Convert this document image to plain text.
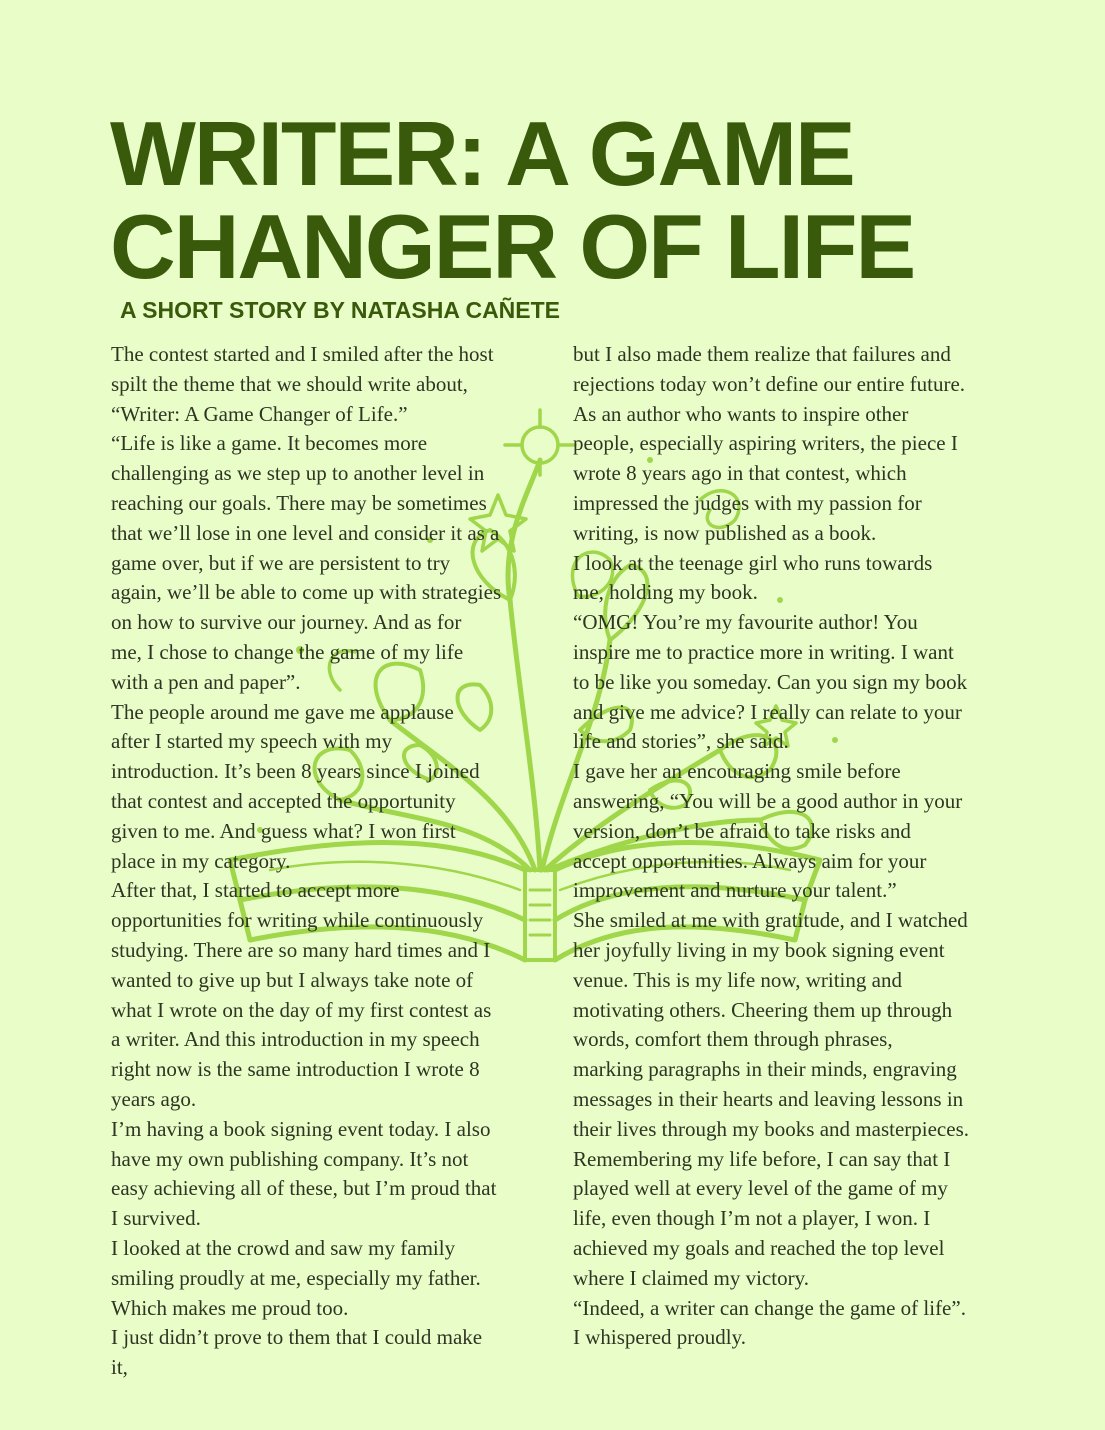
WRITER: A GAME
CHANGER OF LIFE
A SHORT STORY BY NATASHA CAÑETE
The contest started and I smiled after the host
spilt the theme that we should write about,
“Writer: A Game Changer of Life.”
“Life is like a game. It becomes more
challenging as we step up to another level in
reaching our goals. There may be sometimes
that we’ll lose in one level and consider it as a
game over, but if we are persistent to try
again, we’ll be able to come up with strategies
on how to survive our journey. And as for
me, I chose to change the game of my life
with a pen and paper”.
The people around me gave me applause
after I started my speech with my
introduction. It’s been 8 years since I joined
that contest and accepted the opportunity
given to me. And guess what? I won first
place in my category.
After that, I started to accept more
opportunities for writing while continuously
studying. There are so many hard times and I
wanted to give up but I always take note of
what I wrote on the day of my first contest as
a writer. And this introduction in my speech
right now is the same introduction I wrote 8
years ago.
I’m having a book signing event today. I also
have my own publishing company. It’s not
easy achieving all of these, but I’m proud that
I survived.
I looked at the crowd and saw my family
smiling proudly at me, especially my father.
Which makes me proud too.
I just didn’t prove to them that I could make
it,
but I also made them realize that failures and
rejections today won’t define our entire future.
As an author who wants to inspire other
people, especially aspiring writers, the piece I
wrote 8 years ago in that contest, which
impressed the judges with my passion for
writing, is now published as a book.
I look at the teenage girl who runs towards
me, holding my book.
“OMG! You’re my favourite author! You
inspire me to practice more in writing. I want
to be like you someday. Can you sign my book
and give me advice? I really can relate to your
life and stories”, she said.
I gave her an encouraging smile before
answering, “You will be a good author in your
version, don’t be afraid to take risks and
accept opportunities. Always aim for your
improvement and nurture your talent.”
She smiled at me with gratitude, and I watched
her joyfully living in my book signing event
venue. This is my life now, writing and
motivating others. Cheering them up through
words, comfort them through phrases,
marking paragraphs in their minds, engraving
messages in their hearts and leaving lessons in
their lives through my books and masterpieces.
Remembering my life before, I can say that I
played well at every level of the game of my
life, even though I’m not a player, I won. I
achieved my goals and reached the top level
where I claimed my victory.
“Indeed, a writer can change the game of life”.
I whispered proudly.
